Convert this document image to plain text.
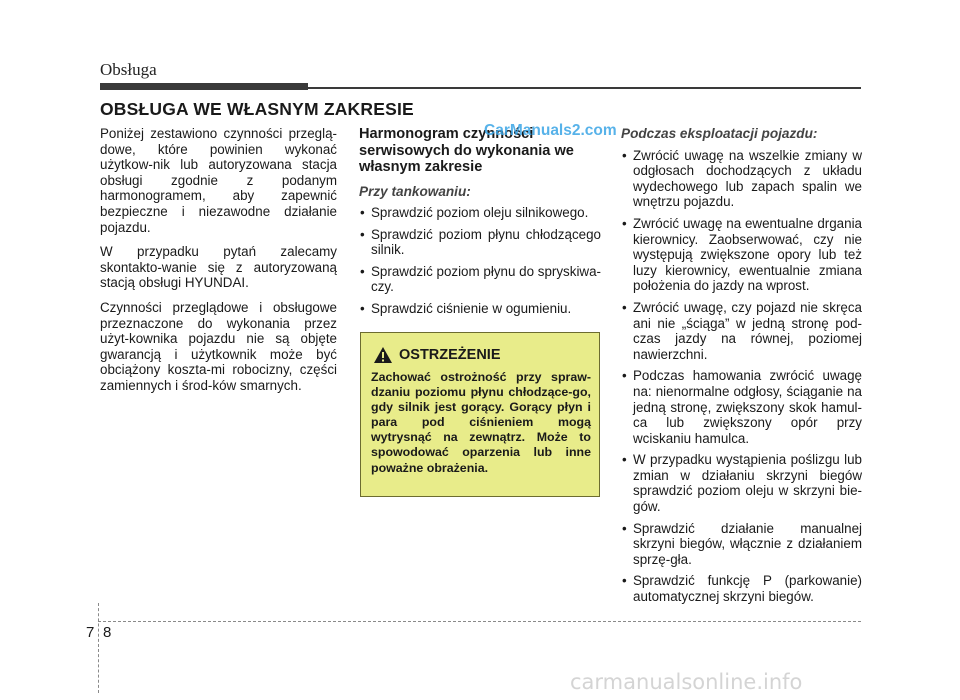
Obsługa
OBSŁUGA WE WŁASNYM ZAKRESIE

Poniżej zestawiono czynności przeglą-dowe, które powinien wykonać użytkow-nik lub autoryzowana stacja obsługi zgodnie z podanym harmonogramem, aby zapewnić bezpieczne i niezawodne działanie pojazdu.

W przypadku pytań zalecamy skontakto-wanie się z autoryzowaną stacją obsługi HYUNDAI.

Czynności przeglądowe i obsługowe przeznaczone do wykonania przez użyt-kownika pojazdu nie są objęte gwarancją i użytkownik może być obciążony koszta-mi robocizny, części zamiennych i środ-ków smarnych.

Harmonogram czynności serwisowych do wykonania we własnym zakresie
Przy tankowaniu:
• Sprawdzić poziom oleju silnikowego.
• Sprawdzić poziom płynu chłodzącego silnik.
• Sprawdzić poziom płynu do spryskiwa-czy.
• Sprawdzić ciśnienie w ogumieniu.
CarManuals2.com
OSTRZEŻENIE
Zachować ostrożność przy spraw-dzaniu poziomu płynu chłodzące-go, gdy silnik jest gorący. Gorący płyn i para pod ciśnieniem mogą wytrysnąć na zewnątrz. Może to spowodować oparzenia lub inne poważne obrażenia.
Podczas eksploatacji pojazdu:
• Zwrócić uwagę na wszelkie zmiany w odgłosach dochodzących z układu wydechowego lub zapach spalin we wnętrzu pojazdu.
• Zwrócić uwagę na ewentualne drgania kierownicy. Zaobserwować, czy nie występują zwiększone opory lub też luzy kierownicy, ewentualnie zmiana położenia do jazdy na wprost.
• Zwrócić uwagę, czy pojazd nie skręca ani nie „ściąga” w jedną stronę pod-czas jazdy na równej, poziomej nawierzchni.
• Podczas hamowania zwrócić uwagę na: nienormalne odgłosy, ściąganie na jedną stronę, zwiększony skok hamul-ca lub zwiększony opór przy wciskaniu hamulca.
• W przypadku wystąpienia poślizgu lub zmian w działaniu skrzyni biegów sprawdzić poziom oleju w skrzyni bie-gów.
• Sprawdzić działanie manualnej skrzyni biegów, włącznie z działaniem sprzę-gła.
• Sprawdzić funkcję P (parkowanie) automatycznej skrzyni biegów.
7 8
carmanualsonline.info
